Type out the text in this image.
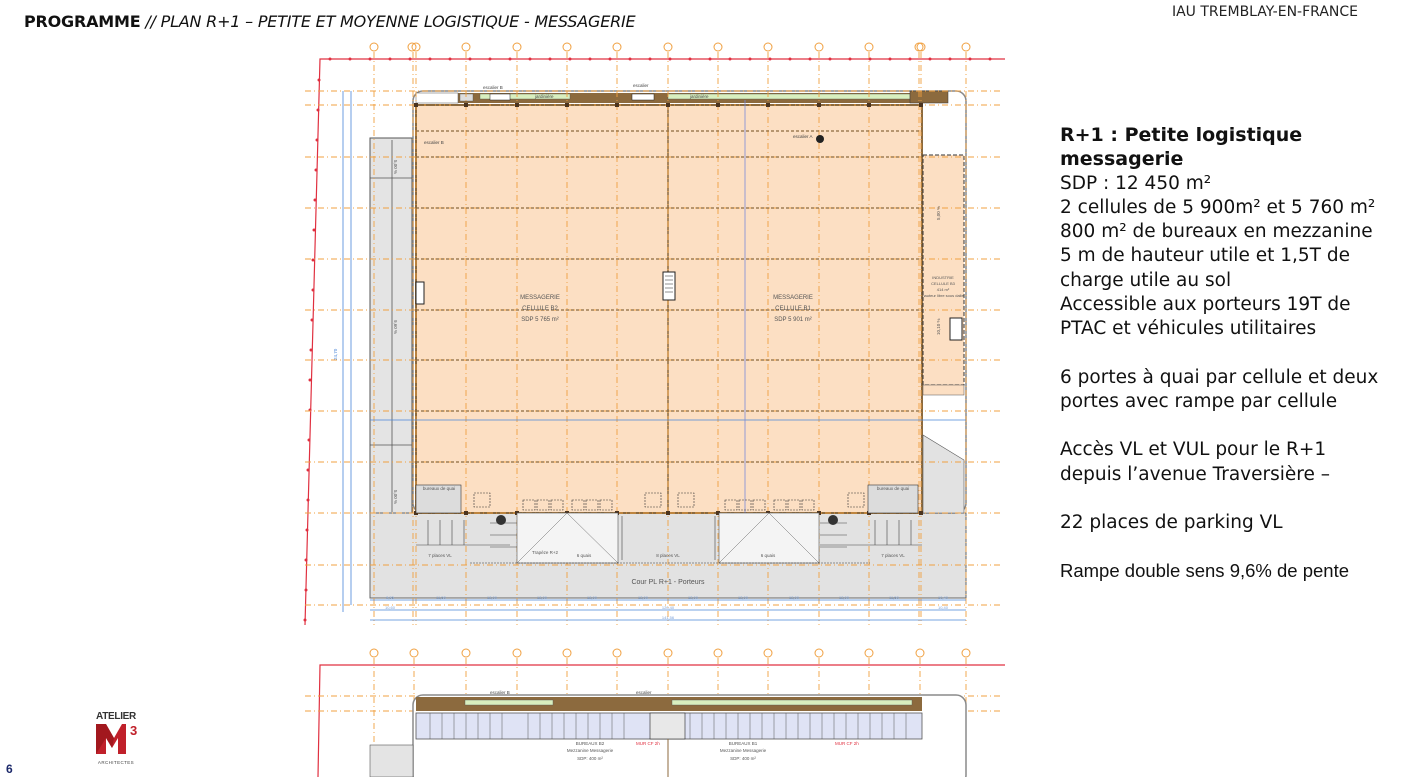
PROGRAMME // PLAN R+1 – PETITE ET MOYENNE LOGISTIQUE - MESSAGERIE	IAU TREMBLAY-EN-FRANCE
MESSAGERIE
CELLULE B2
SDP 5 765 m²
MESSAGERIE
CELLULE B1
SDP 5 901 m²
INDUSTRIE
CELLULE B3
414 m²
hauteur libre sous dalle
escalier B	escalier
jardinière	jardinière
escalier B
escalier A
bureaux de quai	bureaux de quai
7 places VL	8 places VL	7 places VL
6 quais	6 quais
Trapèze R+2
Cour PL R+1 - Porteurs
5,00 %
9,60 %
5,00 %
10,10 %
5,00 %
24,70
9,95	11,50	12,00	12,00	12,00	12,00	12,00	12,00	12,00	12,00	11,50	10,40
10,60	120,40	10,40
141,56
escalier B	escalier
BUREAUX B2
Mezzanine Messagerie
SDP: 400 m²
BUREAUX B1
Mezzanine Messagerie
SDP: 400 m²
MUR CF 2h	MUR CF 2h

R+1 : Petite logistique

messagerie

SDP : 12 450 m²

2 cellules de 5 900m² et 5 760 m²

800 m² de bureaux en mezzanine

5 m de hauteur utile et 1,5T de

charge utile au sol

Accessible aux porteurs 19T de

PTAC et véhicules utilitaires

6 portes à quai par cellule et deux

portes avec rampe par cellule

Accès VL et VUL pour le R+1

depuis l’avenue Traversière –

22 places de parking VL

Rampe double sens 9,6% de pente

ATELIER
3
ARCHITECTES
6
